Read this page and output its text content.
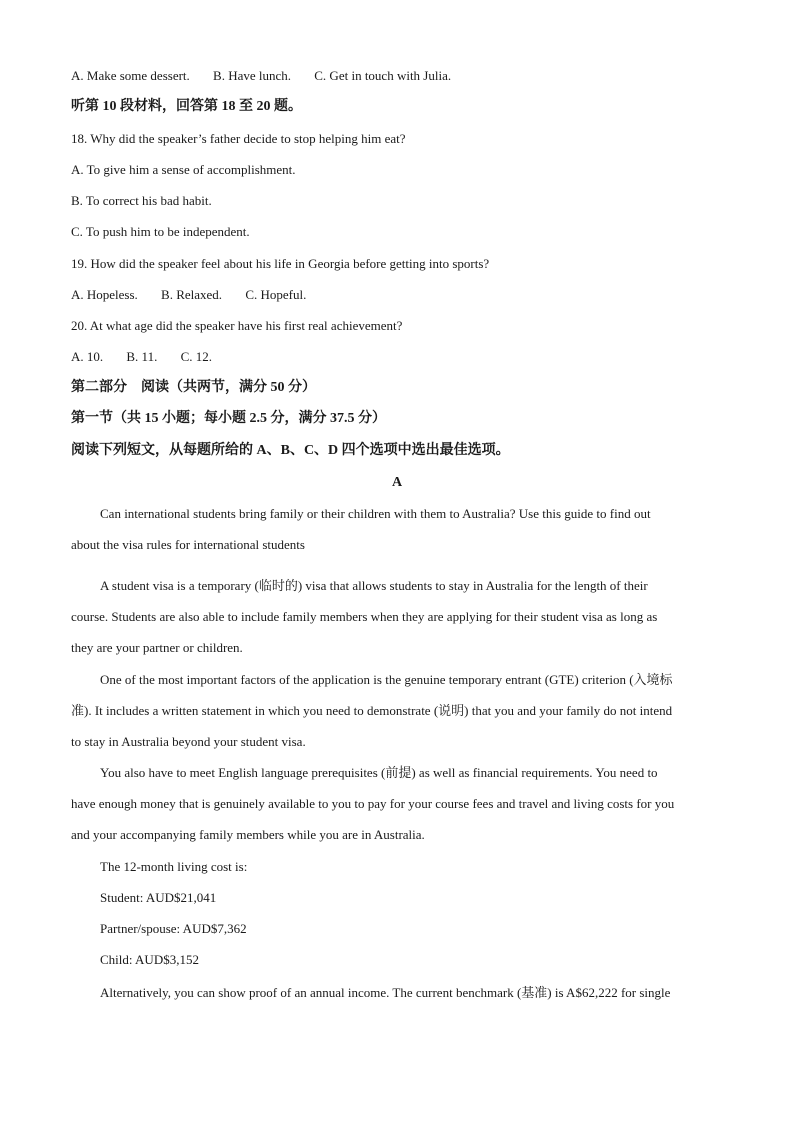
A. Make some dessert. B. Have lunch. C. Get in touch with Julia.
听第 10 段材料，回答第 18 至 20 题。
18. Why did the speaker’s father decide to stop helping him eat?
A. To give him a sense of accomplishment.
B. To correct his bad habit.
C. To push him to be independent.
19. How did the speaker feel about his life in Georgia before getting into sports?
A. Hopeless. B. Relaxed. C. Hopeful.
20. At what age did the speaker have his first real achievement?
A. 10. B. 11. C. 12.
第二部分　阅读（共两节，满分 50 分）
第一节（共 15 小题；每小题 2.5 分，满分 37.5 分）
阅读下列短文，从每题所给的 A、B、C、D 四个选项中选出最佳选项。
A
Can international students bring family or their children with them to Australia? Use this guide to find out
about the visa rules for international students
A student visa is a temporary (临时的) visa that allows students to stay in Australia for the length of their
course. Students are also able to include family members when they are applying for their student visa as long as
they are your partner or children.
One of the most important factors of the application is the genuine temporary entrant (GTE) criterion (入境标
准). It includes a written statement in which you need to demonstrate (说明) that you and your family do not intend
to stay in Australia beyond your student visa.
You also have to meet English language prerequisites (前提) as well as financial requirements. You need to
have enough money that is genuinely available to you to pay for your course fees and travel and living costs for you
and your accompanying family members while you are in Australia.
The 12-month living cost is:
Student: AUD$21,041
Partner/spouse: AUD$7,362
Child: AUD$3,152
Alternatively, you can show proof of an annual income. The current benchmark (基准) is A$62,222 for single
